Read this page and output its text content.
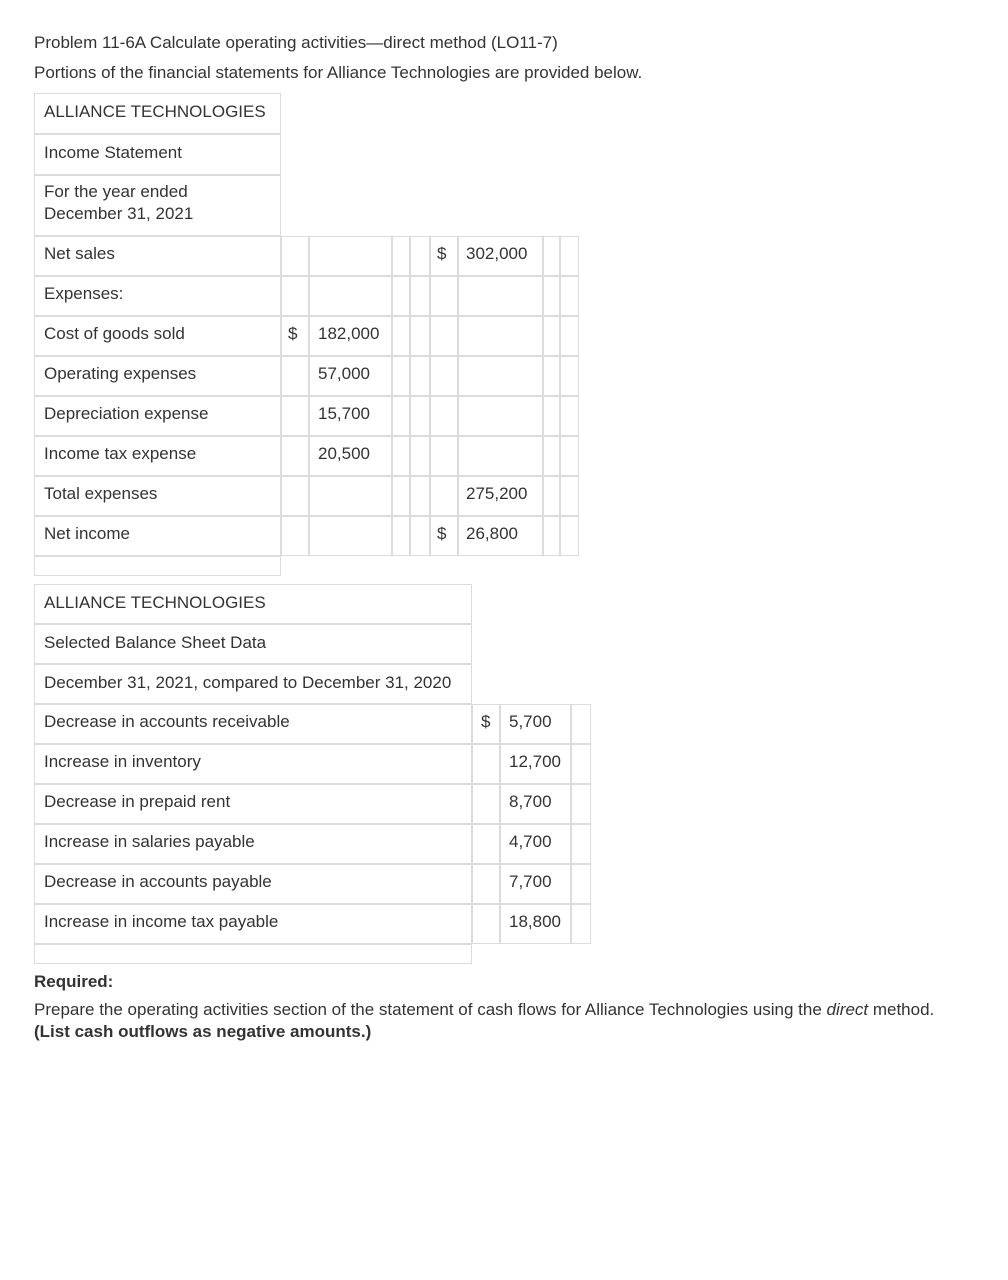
Problem 11-6A Calculate operating activities—direct method (LO11-7)
Portions of the financial statements for Alliance Technologies are provided below.
ALLIANCE TECHNOLOGIES
Income Statement
For the year ended
December 31, 2021
Net sales	$ 302,000
Expenses:
Cost of goods sold	$ 182,000
Operating expenses	57,000
Depreciation expense	15,700
Income tax expense	20,500
Total expenses	275,200
Net income	$ 26,800
ALLIANCE TECHNOLOGIES
Selected Balance Sheet Data
December 31, 2021, compared to December 31, 2020
Decrease in accounts receivable	$ 5,700
Increase in inventory	12,700
Decrease in prepaid rent	8,700
Increase in salaries payable	4,700
Decrease in accounts payable	7,700
Increase in income tax payable	18,800
Required:
Prepare the operating activities section of the statement of cash flows for Alliance Technologies using the direct method.
(List cash outflows as negative amounts.)
